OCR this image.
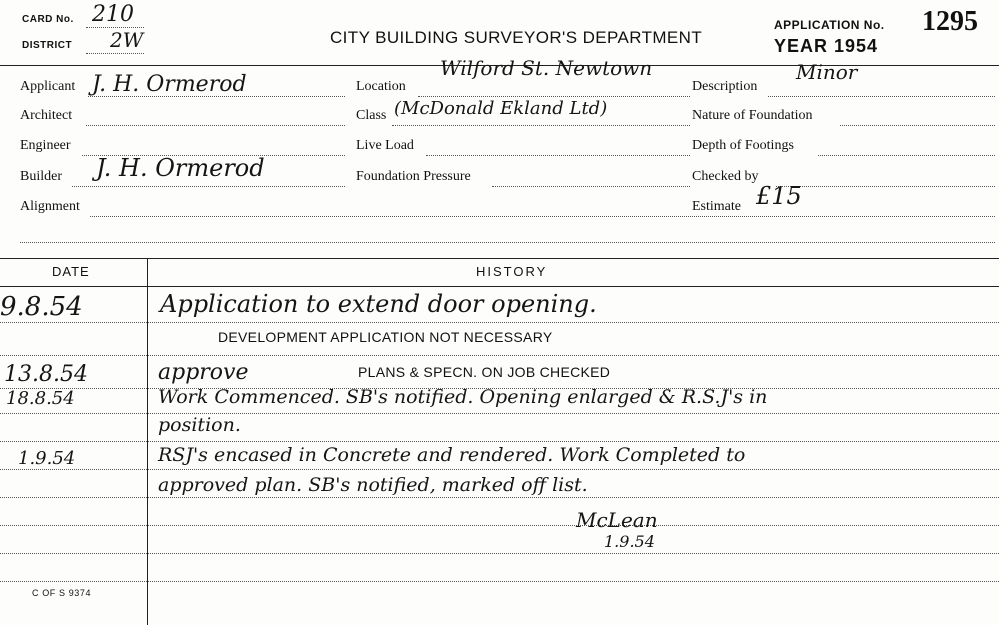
CARD No. 210
DISTRICT 2W	CITY BUILDING SURVEYOR'S DEPARTMENT
APPLICATION No. 1295
YEAR 1954
Applicant J. H. Ormerod
Architect
Engineer
Builder J. H. Ormerod
Alignment
Location
Wilford St. Newtown
Class (McDonald Ekland Ltd)
Live Load
Foundation Pressure
Description
Minor
Nature of Foundation
Depth of Footings
Checked by
Estimate £15
DATE	HISTORY
9.8.54	Application to extend door opening.
DEVELOPMENT APPLICATION NOT NECESSARY
13.8.54	approve	PLANS & SPECN. ON JOB CHECKED
18.8.54	Work Commenced. SB's notified. Opening enlarged & R.S.J's in
position.
1.9.54	RSJ's encased in Concrete and rendered. Work Completed to
approved plan. SB's notified, marked off list.
McLean
1.9.54
C OF S 9374
